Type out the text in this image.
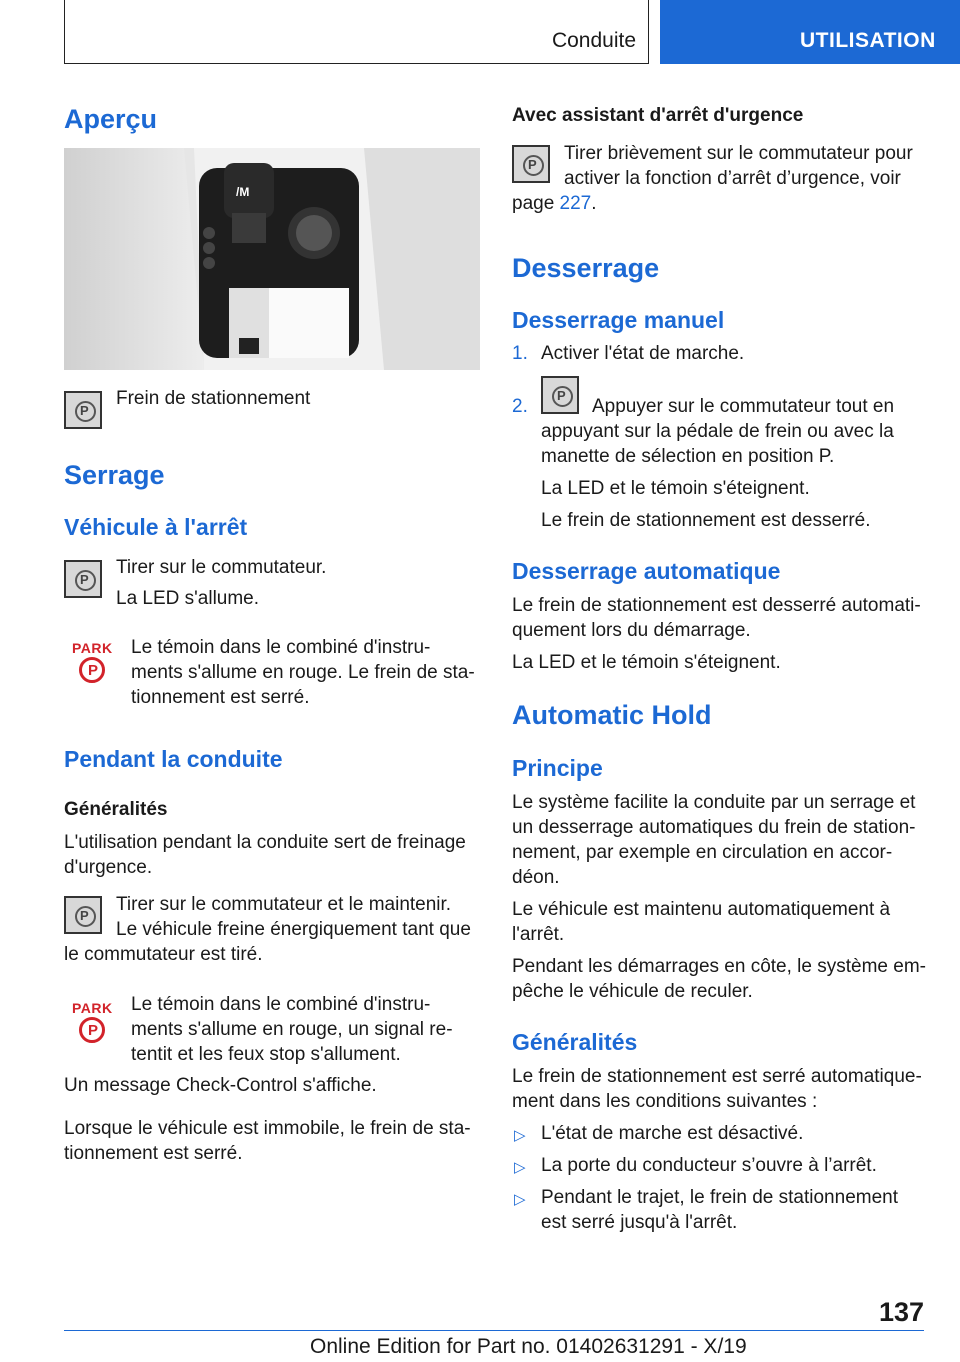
Conduite	UTILISATION
Aperçu
/M
P
Frein de stationnement
Serrage
Véhicule à l'arrêt
P
Tirer sur le commutateur.
La LED s'allume.
PARK
P
Le témoin dans le combiné d'instru-
ments s'allume en rouge. Le frein de sta-
tionnement est serré.
Pendant la conduite
Généralités
L'utilisation pendant la conduite sert de freinage
d'urgence.
P
Tirer sur le commutateur et le maintenir.
Le véhicule freine énergiquement tant que
le commutateur est tiré.
PARK
P
Le témoin dans le combiné d'instru-
ments s'allume en rouge, un signal re-
tentit et les feux stop s'allument.
Un message Check-Control s'affiche.
Lorsque le véhicule est immobile, le frein de sta-
tionnement est serré.
Avec assistant d'arrêt d'urgence
P
Tirer brièvement sur le commutateur pour
activer la fonction d’arrêt d’urgence, voir
page 227.
Desserrage
Desserrage manuel
1. Activer l'état de marche.
2.
P
Appuyer sur le commutateur tout en
appuyant sur la pédale de frein ou avec la
manette de sélection en position P.
La LED et le témoin s'éteignent.
Le frein de stationnement est desserré.
Desserrage automatique
Le frein de stationnement est desserré automati-
quement lors du démarrage.
La LED et le témoin s'éteignent.
Automatic Hold
Principe
Le système facilite la conduite par un serrage et
un desserrage automatiques du frein de station-
nement, par exemple en circulation en accor-
déon.
Le véhicule est maintenu automatiquement à
l'arrêt.
Pendant les démarrages en côte, le système em-
pêche le véhicule de reculer.
Généralités
Le frein de stationnement est serré automatique-
ment dans les conditions suivantes :
▷ L'état de marche est désactivé.
▷ La porte du conducteur s’ouvre à l’arrêt.
▷ Pendant le trajet, le frein de stationnement
est serré jusqu'à l'arrêt.
137
Online Edition for Part no. 01402631291 - X/19
